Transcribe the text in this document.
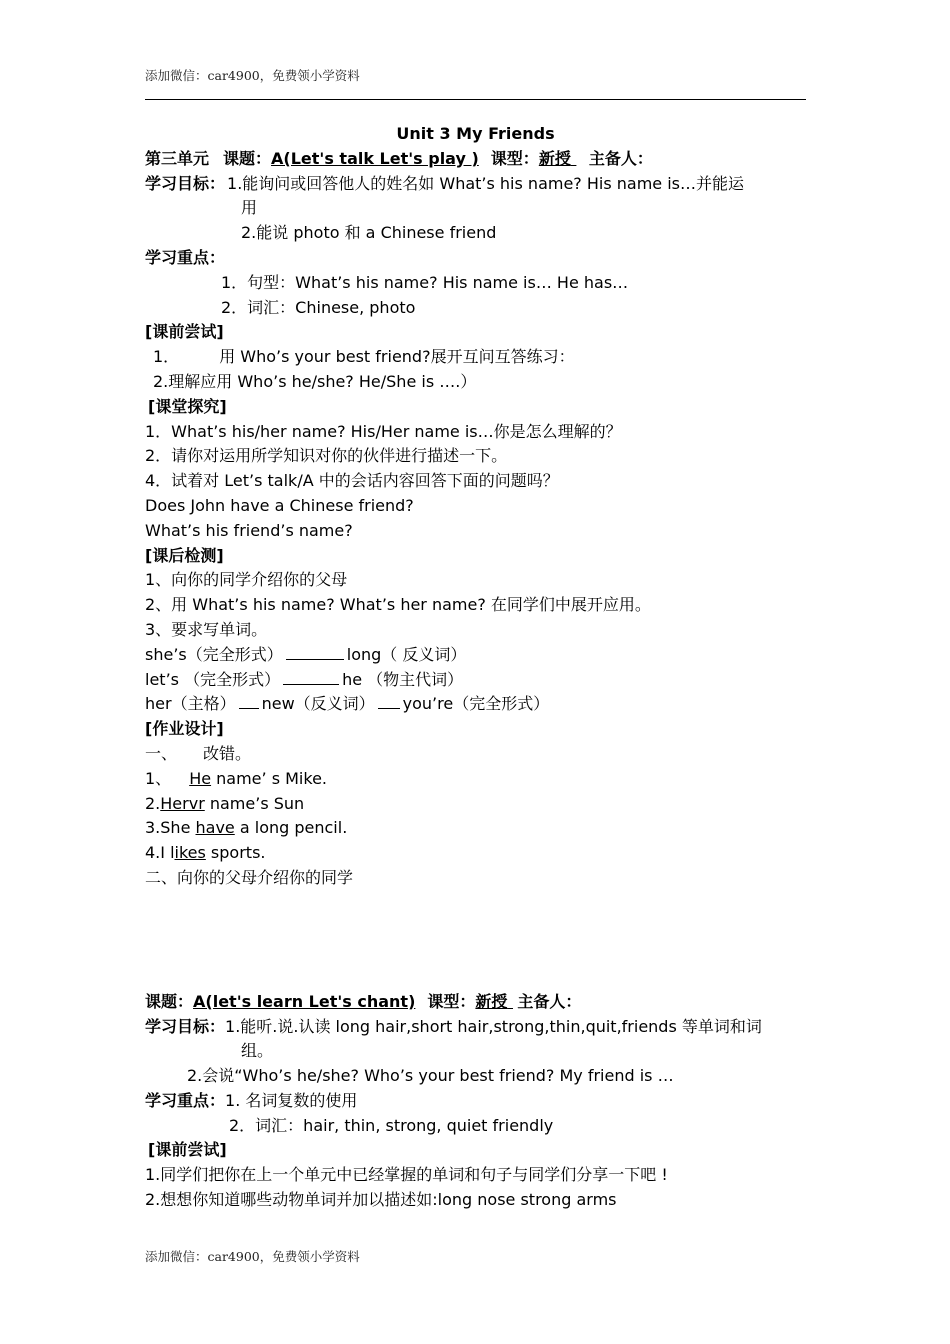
添加微信：car4900，免费领小学资料
Unit 3 My Friends
第三单元 课题：A(Let's talk Let's play ) 课型：新授 主备人：
学习目标： 1.能询问或回答他人的姓名如 What’s his name? His name is…并能运
用
2.能说 photo 和 a Chinese friend
学习重点：
1．句型：What’s his name? His name is… He has…
2．词汇：Chinese, photo
[课前尝试]
1．	用 Who’s your best friend?展开互问互答练习：
2.理解应用 Who’s he/she? He/She is ….）
[课堂探究]
1．What’s his/her name? His/Her name is…你是怎么理解的？
2．请你对运用所学知识对你的伙伴进行描述一下。
4．试着对 Let’s talk/A 中的会话内容回答下面的问题吗？
Does John have a Chinese friend?
What’s his friend’s name?
[课后检测]
1、向你的同学介绍你的父母
2、用 What’s his name? What’s her name? 在同学们中展开应用。
3、要求写单词。
she’s（完全形式）	long（ 反义词）
let’s （完全形式）	he （物主代词）
her（主格） new（反义词） you’re（完全形式）
[作业设计]
一、 改错。
1、 He name’ s Mike.
2.Hervr name’s Sun
3.She have a long pencil.
4.I likes sports.
二、向你的父母介绍你的同学
课题：A(let's learn Let's chant) 课型：新授 主备人：
学习目标：1.能听.说.认读 long hair,short hair,strong,thin,quit,friends 等单词和词
组。
2.会说“Who’s he/she? Who’s your best friend? My friend is …
学习重点：1. 名词复数的使用
2．词汇：hair, thin, strong, quiet friendly
[课前尝试]
1.同学们把你在上一个单元中已经掌握的单词和句子与同学们分享一下吧 !
2.想想你知道哪些动物单词并加以描述如:long nose strong arms
添加微信：car4900，免费领小学资料
